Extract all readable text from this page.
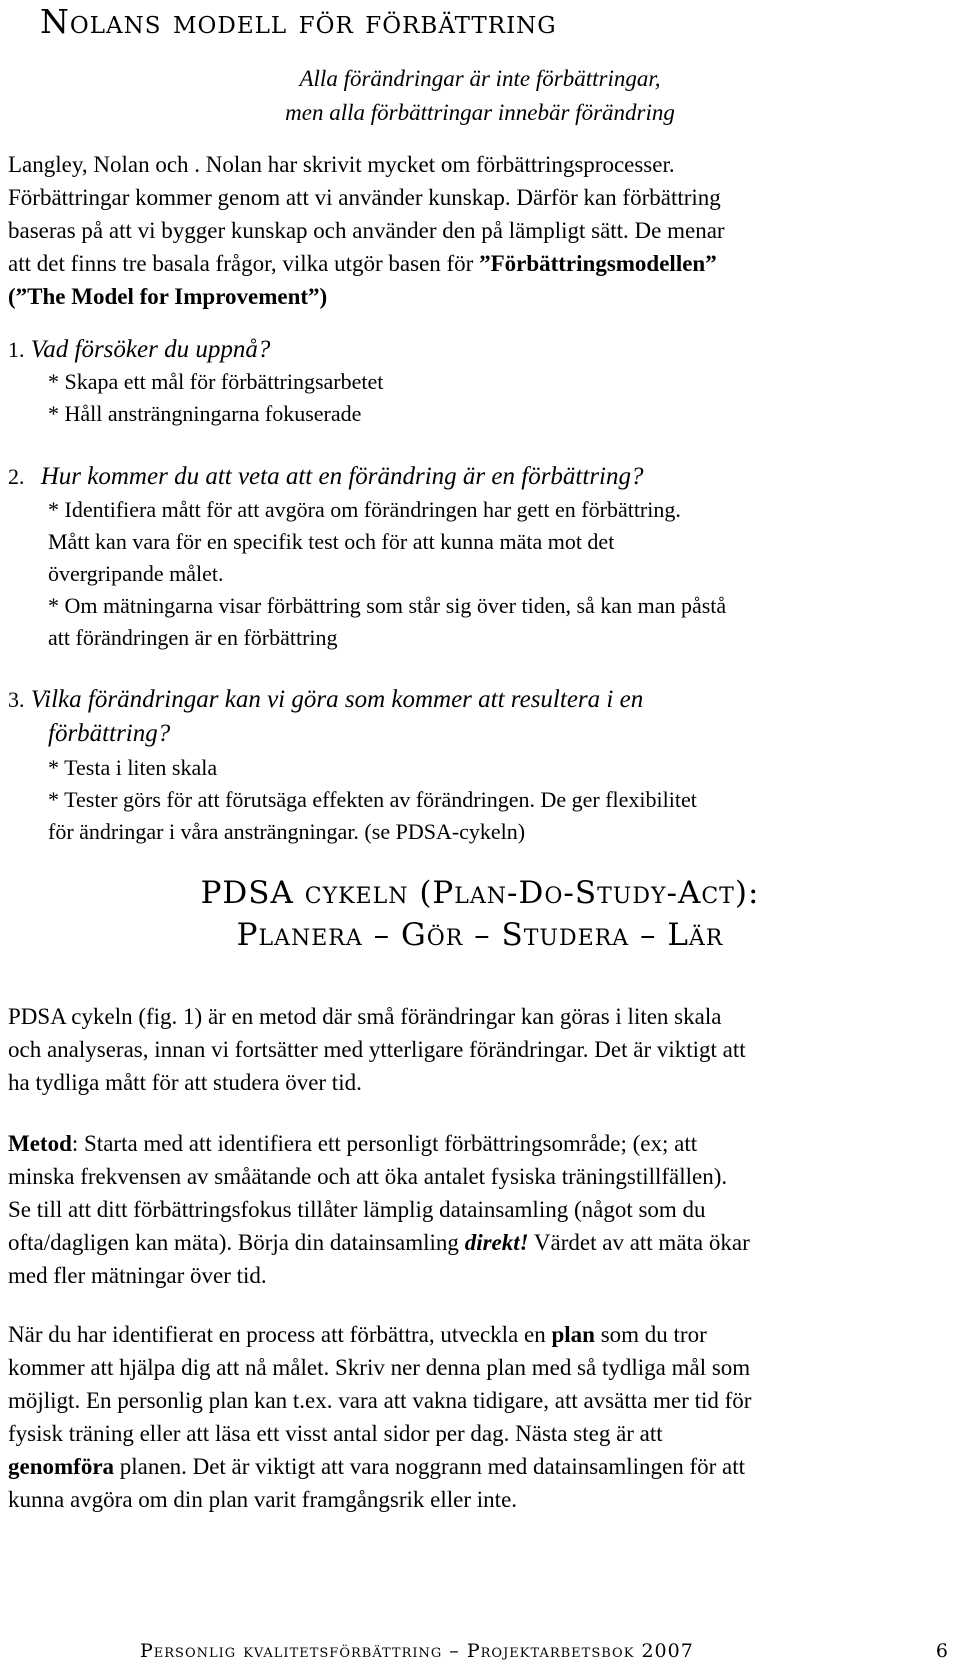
Nolans modell för förbättring
Alla förändringar är inte förbättringar,
men alla förbättringar innebär förändring
Langley, Nolan och . Nolan har skrivit mycket om förbättringsprocesser.
Förbättringar kommer genom att vi använder kunskap. Därför kan förbättring
baseras på att vi bygger kunskap och använder den på lämpligt sätt. De menar
att det finns tre basala frågor, vilka utgör basen för ”Förbättringsmodellen”
(”The Model for Improvement”)
1. Vad försöker du uppnå?
* Skapa ett mål för förbättringsarbetet
* Håll ansträngningarna fokuserade
2. Hur kommer du att veta att en förändring är en förbättring?
* Identifiera mått för att avgöra om förändringen har gett en förbättring.
Mått kan vara för en specifik test och för att kunna mäta mot det
övergripande målet.
* Om mätningarna visar förbättring som står sig över tiden, så kan man påstå
att förändringen är en förbättring
3. Vilka förändringar kan vi göra som kommer att resultera i en
förbättring?
* Testa i liten skala
* Tester görs för att förutsäga effekten av förändringen. De ger flexibilitet
för ändringar i våra ansträngningar. (se PDSA-cykeln)
PDSA cykeln (Plan-Do-Study-Act):
Planera – Gör – Studera – Lär
PDSA cykeln (fig. 1) är en metod där små förändringar kan göras i liten skala
och analyseras, innan vi fortsätter med ytterligare förändringar. Det är viktigt att
ha tydliga mått för att studera över tid.
Metod: Starta med att identifiera ett personligt förbättringsområde; (ex; att
minska frekvensen av småätande och att öka antalet fysiska träningstillfällen).
Se till att ditt förbättringsfokus tillåter lämplig datainsamling (något som du
ofta/dagligen kan mäta). Börja din datainsamling direkt! Värdet av att mäta ökar
med fler mätningar över tid.
När du har identifierat en process att förbättra, utveckla en plan som du tror
kommer att hjälpa dig att nå målet. Skriv ner denna plan med så tydliga mål som
möjligt. En personlig plan kan t.ex. vara att vakna tidigare, att avsätta mer tid för
fysisk träning eller att läsa ett visst antal sidor per dag. Nästa steg är att
genomföra planen. Det är viktigt att vara noggrann med datainsamlingen för att
kunna avgöra om din plan varit framgångsrik eller inte.
Personlig kvalitetsförbättring – Projektarbetsbok 2007	6
